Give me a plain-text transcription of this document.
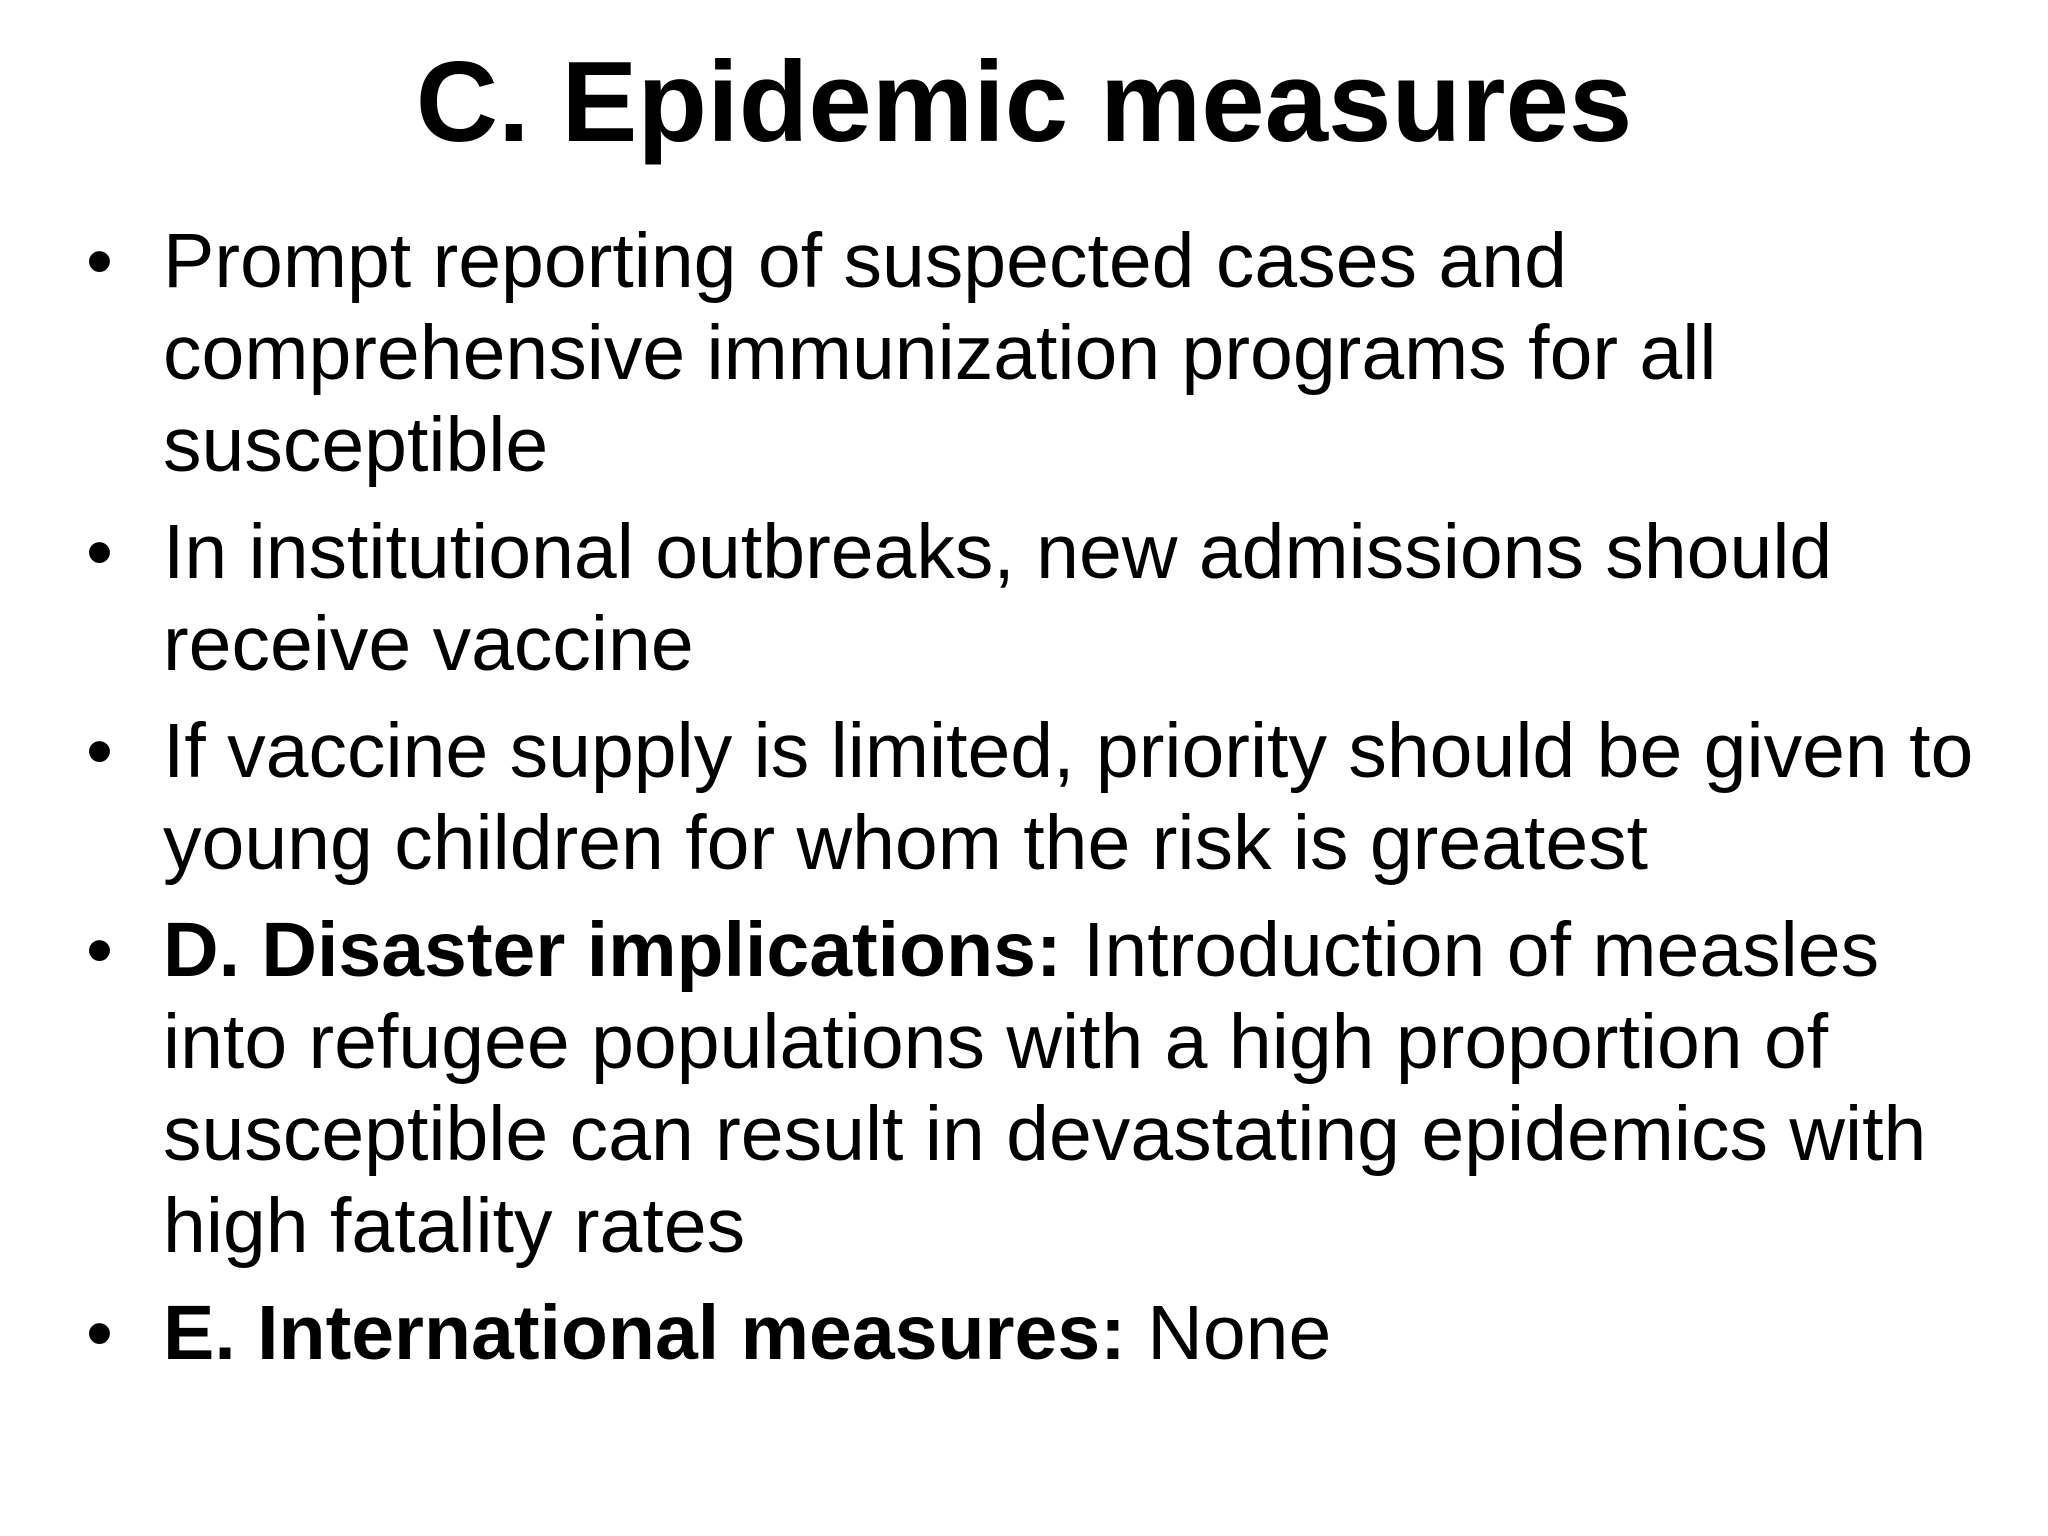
C. Epidemic measures
• Prompt reporting of suspected cases and comprehensive immunization programs for all susceptible
• In institutional outbreaks, new admissions should receive vaccine
• If vaccine supply is limited, priority should be given to young children for whom the risk is greatest
• D. Disaster implications: Introduction of measles into refugee populations with a high proportion of susceptible can result in devastating epidemics with high fatality rates
• E. International measures: None
